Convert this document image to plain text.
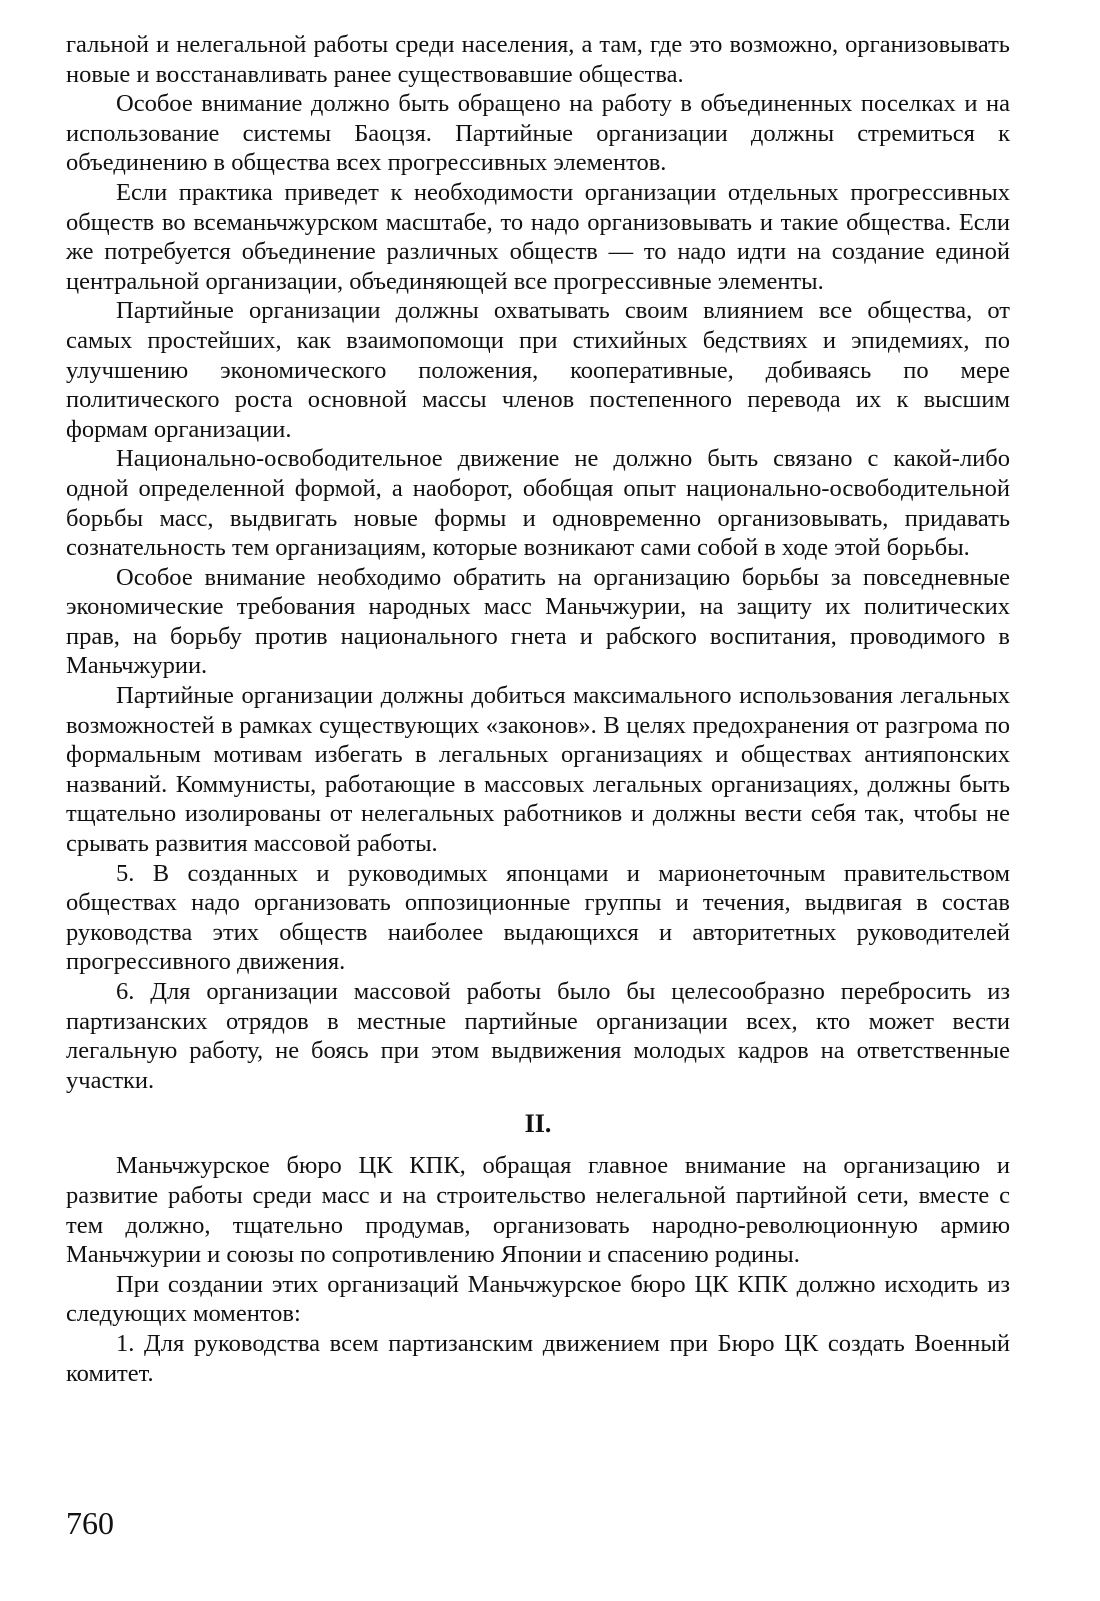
гальной и нелегальной работы среди населения, а там, где это возможно, организовывать новые и восстанавливать ранее существовавшие общества.

Особое внимание должно быть обращено на работу в объединенных поселках и на использование системы Баоцзя. Партийные организации должны стремиться к объединению в общества всех прогрессивных элементов.

Если практика приведет к необходимости организации отдельных прогрессивных обществ во всеманьчжурском масштабе, то надо организовывать и такие общества. Если же потребуется объединение различных обществ — то надо идти на создание единой центральной организации, объединяющей все прогрессивные элементы.

Партийные организации должны охватывать своим влиянием все общества, от самых простейших, как взаимопомощи при стихийных бедствиях и эпидемиях, по улучшению экономического положения, кооперативные, добиваясь по мере политического роста основной массы членов постепенного перевода их к высшим формам организации.

Национально-освободительное движение не должно быть связано с какой-либо одной определенной формой, а наоборот, обобщая опыт национально-освободительной борьбы масс, выдвигать новые формы и одновременно организовывать, придавать сознательность тем организациям, которые возникают сами собой в ходе этой борьбы.

Особое внимание необходимо обратить на организацию борьбы за повседневные экономические требования народных масс Маньчжурии, на защиту их политических прав, на борьбу против национального гнета и рабского воспитания, проводимого в Маньчжурии.

Партийные организации должны добиться максимального использования легальных возможностей в рамках существующих «законов». В целях предохранения от разгрома по формальным мотивам избегать в легальных организациях и обществах антияпонских названий. Коммунисты, работающие в массовых легальных организациях, должны быть тщательно изолированы от нелегальных работников и должны вести себя так, чтобы не срывать развития массовой работы.

5. В созданных и руководимых японцами и марионеточным правительством обществах надо организовать оппозиционные группы и течения, выдвигая в состав руководства этих обществ наиболее выдающихся и авторитетных руководителей прогрессивного движения.

6. Для организации массовой работы было бы целесообразно перебросить из партизанских отрядов в местные партийные организации всех, кто может вести легальную работу, не боясь при этом выдвижения молодых кадров на ответственные участки.

II.

Маньчжурское бюро ЦК КПК, обращая главное внимание на организацию и развитие работы среди масс и на строительство нелегальной партийной сети, вместе с тем должно, тщательно продумав, организовать народно-революционную армию Маньчжурии и союзы по сопротивлению Японии и спасению родины.

При создании этих организаций Маньчжурское бюро ЦК КПК должно исходить из следующих моментов:

1. Для руководства всем партизанским движением при Бюро ЦК создать Военный комитет.

760
